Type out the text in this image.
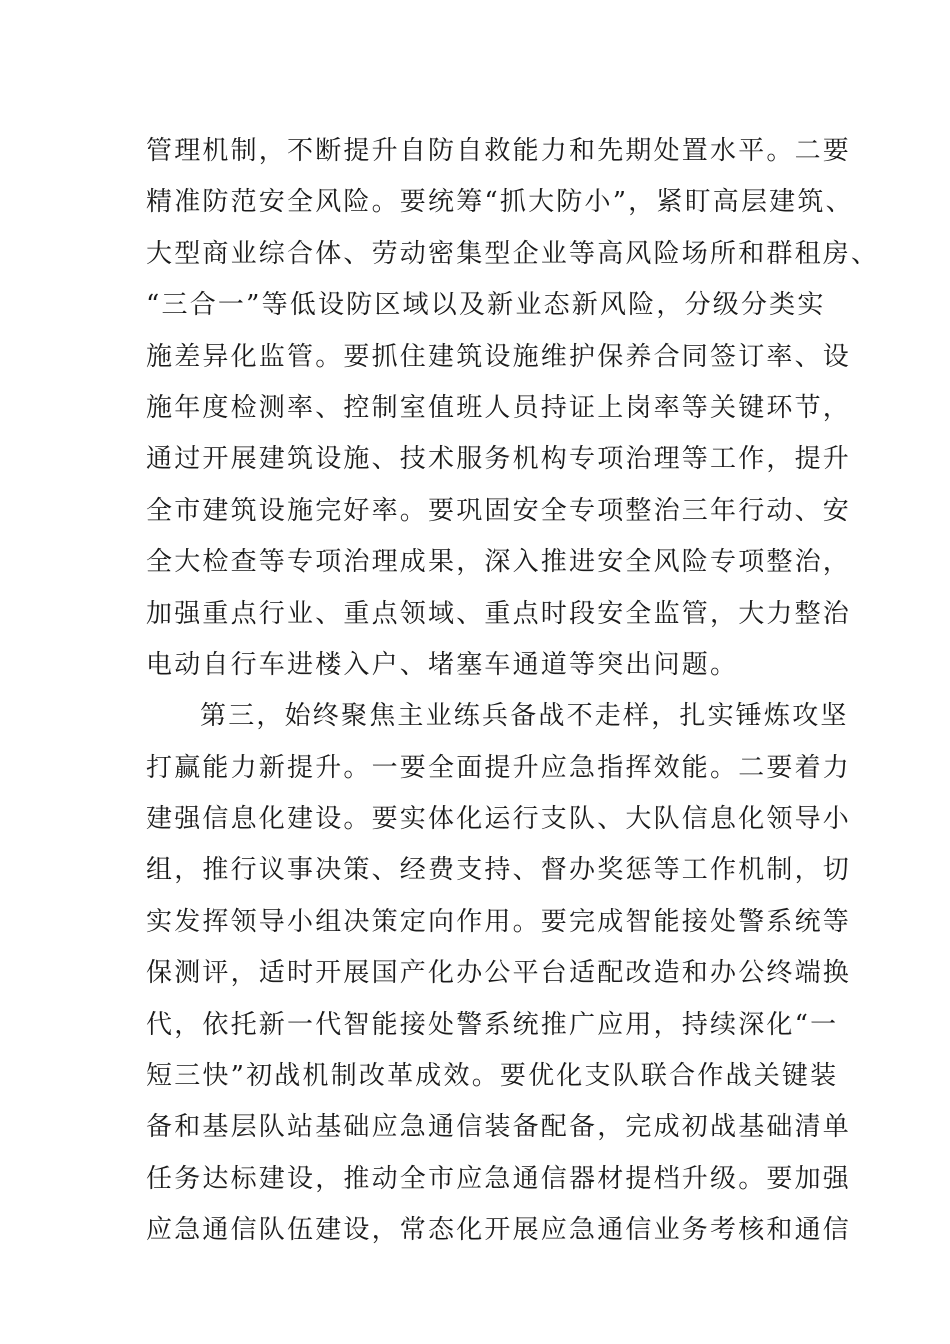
管理机制，不断提升自防自救能力和先期处置水平。二要
精准防范安全风险。要统筹“抓大防小”，紧盯高层建筑、
大型商业综合体、劳动密集型企业等高风险场所和群租房、
“三合一”等低设防区域以及新业态新风险，分级分类实
施差异化监管。要抓住建筑设施维护保养合同签订率、设
施年度检测率、控制室值班人员持证上岗率等关键环节，
通过开展建筑设施、技术服务机构专项治理等工作，提升
全市建筑设施完好率。要巩固安全专项整治三年行动、安
全大检查等专项治理成果，深入推进安全风险专项整治，
加强重点行业、重点领域、重点时段安全监管，大力整治
电动自行车进楼入户、堵塞车通道等突出问题。
第三，始终聚焦主业练兵备战不走样，扎实锤炼攻坚
打赢能力新提升。一要全面提升应急指挥效能。二要着力
建强信息化建设。要实体化运行支队、大队信息化领导小
组，推行议事决策、经费支持、督办奖惩等工作机制，切
实发挥领导小组决策定向作用。要完成智能接处警系统等
保测评，适时开展国产化办公平台适配改造和办公终端换
代，依托新一代智能接处警系统推广应用，持续深化“一
短三快”初战机制改革成效。要优化支队联合作战关键装
备和基层队站基础应急通信装备配备，完成初战基础清单
任务达标建设，推动全市应急通信器材提档升级。要加强
应急通信队伍建设，常态化开展应急通信业务考核和通信
